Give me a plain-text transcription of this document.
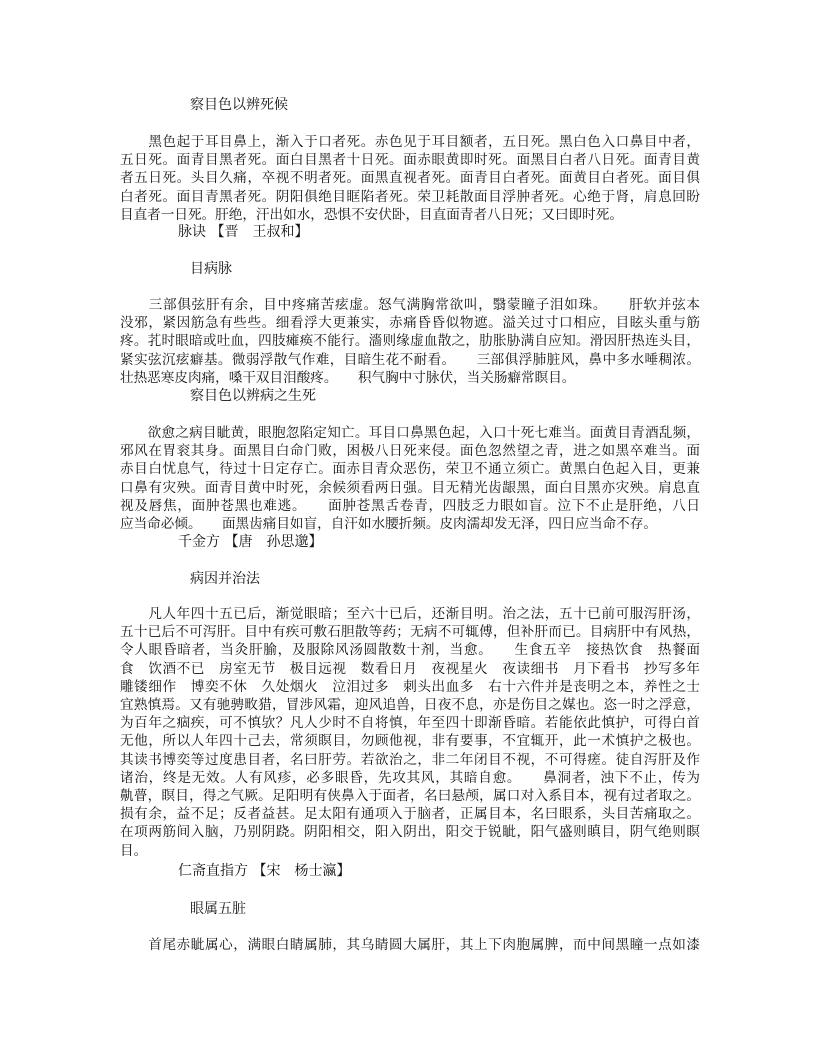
察目色以辨死候
　　黑色起于耳目鼻上，渐入于口者死。赤色见于耳目额者，五日死。黑白色入口鼻目中者，
五日死。面青目黑者死。面白目黑者十日死。面赤眼黄即时死。面黑目白者八日死。面青目黄
者五日死。头目久痛，卒视不明者死。面黑直视者死。面青目白者死。面黄目白者死。面目俱
白者死。面目青黑者死。阴阳俱绝目眶陷者死。荣卫耗散面目浮肿者死。心绝于肾，肩息回盼
目直者一日死。肝绝，汗出如水，恐惧不安伏卧，目直面青者八日死；又曰即时死。
脉诀 【晋　王叔和】
目病脉
　　三部俱弦肝有余，目中疼痛苦痃虚。怒气满胸常欲叫，翳蒙瞳子泪如珠。　　肝软并弦本
没邪，紧因筋急有些些。细看浮大更兼实，赤痛昏昏似物遮。溢关过寸口相应，目眩头重与筋
疼。芤时眼暗或吐血，四肢瘫痪不能行。濇则缘虚血散之，肋胀胁满自应知。滑因肝热连头目，
紧实弦沉痃癖基。微弱浮散气作难，目暗生花不耐看。　　三部俱浮肺脏风，鼻中多水唾稠浓。
壮热恶寒皮肉痛，嗓干双目泪酸疼。　　积气胸中寸脉伏，当关肠癖常瞑目。
察目色以辨病之生死
　　欲愈之病目眦黄，眼胞忽陷定知亡。耳目口鼻黑色起，入口十死七难当。面黄目青酒乱频，
邪风在胃衮其身。面黑目白命门败，困极八日死来侵。面色忽然望之青，进之如黑卒难当。面
赤目白忧息气，待过十日定存亡。面赤目青众恶伤，荣卫不通立须亡。黄黑白色起入目，更兼
口鼻有灾殃。面青目黄中时死，余候须看两日强。目无精光齿龈黑，面白目黑亦灾殃。肩息直
视及唇焦，面肿苍黑也难逃。　　面肿苍黑舌卷青，四肢乏力眼如盲。泣下不止是肝绝，八日
应当命必倾。　　面黑齿痛目如盲，自汗如水腰折频。皮肉濡却发无泽，四日应当命不存。
千金方 【唐　孙思邈】
病因并治法
　　凡人年四十五已后，渐觉眼暗；至六十已后，还渐目明。治之法，五十已前可服泻肝汤，
五十已后不可泻肝。目中有疾可敷石胆散等药；无病不可辄傅，但补肝而已。目病肝中有风热，
令人眼昏暗者，当灸肝腧，及服除风汤圆散数十剂，当愈。　　生食五辛　接热饮食　热餐面
食　饮酒不已　房室无节　极目远视　数看日月　夜视星火　夜读细书　月下看书　抄写多年
雕镂细作　博奕不休　久处烟火　泣泪过多　刺头出血多　右十六件并是丧明之本，养性之士
宜熟慎焉。又有驰骋畋猎，冒涉风霜，迎风追兽，日夜不息，亦是伤目之媒也。恣一时之浮意，
为百年之痼疾，可不慎欤？凡人少时不自将慎，年至四十即渐昏暗。若能依此慎护，可得白首
无他，所以人年四十己去，常须瞑目，勿顾他视，非有要事，不宜辄开，此一术慎护之极也。
其读书博奕等过度患目者，名曰肝劳。若欲治之，非二年闭目不视，不可得瘥。徒自泻肝及作
诸治，终是无效。人有风疹，必多眼昏，先攻其风，其暗自愈。　　鼻洞者，浊下不止，传为
鼽瞢，瞑目，得之气厥。足阳明有侠鼻入于面者，名曰悬颅，属口对入系目本，视有过者取之。
损有余，益不足；反者益甚。足太阳有通项入于脑者，正属目本，名曰眼系，头目苦痛取之。
在项两筋间入脑，乃别阴跷。阴阳相交，阳入阴出，阳交于锐眦，阳气盛则瞋目，阴气绝则瞑
目。
仁斋直指方 【宋　杨士瀛】
眼属五脏
　　首尾赤眦属心，满眼白睛属肺，其乌睛圆大属肝，其上下肉胞属脾，而中间黑瞳一点如漆
